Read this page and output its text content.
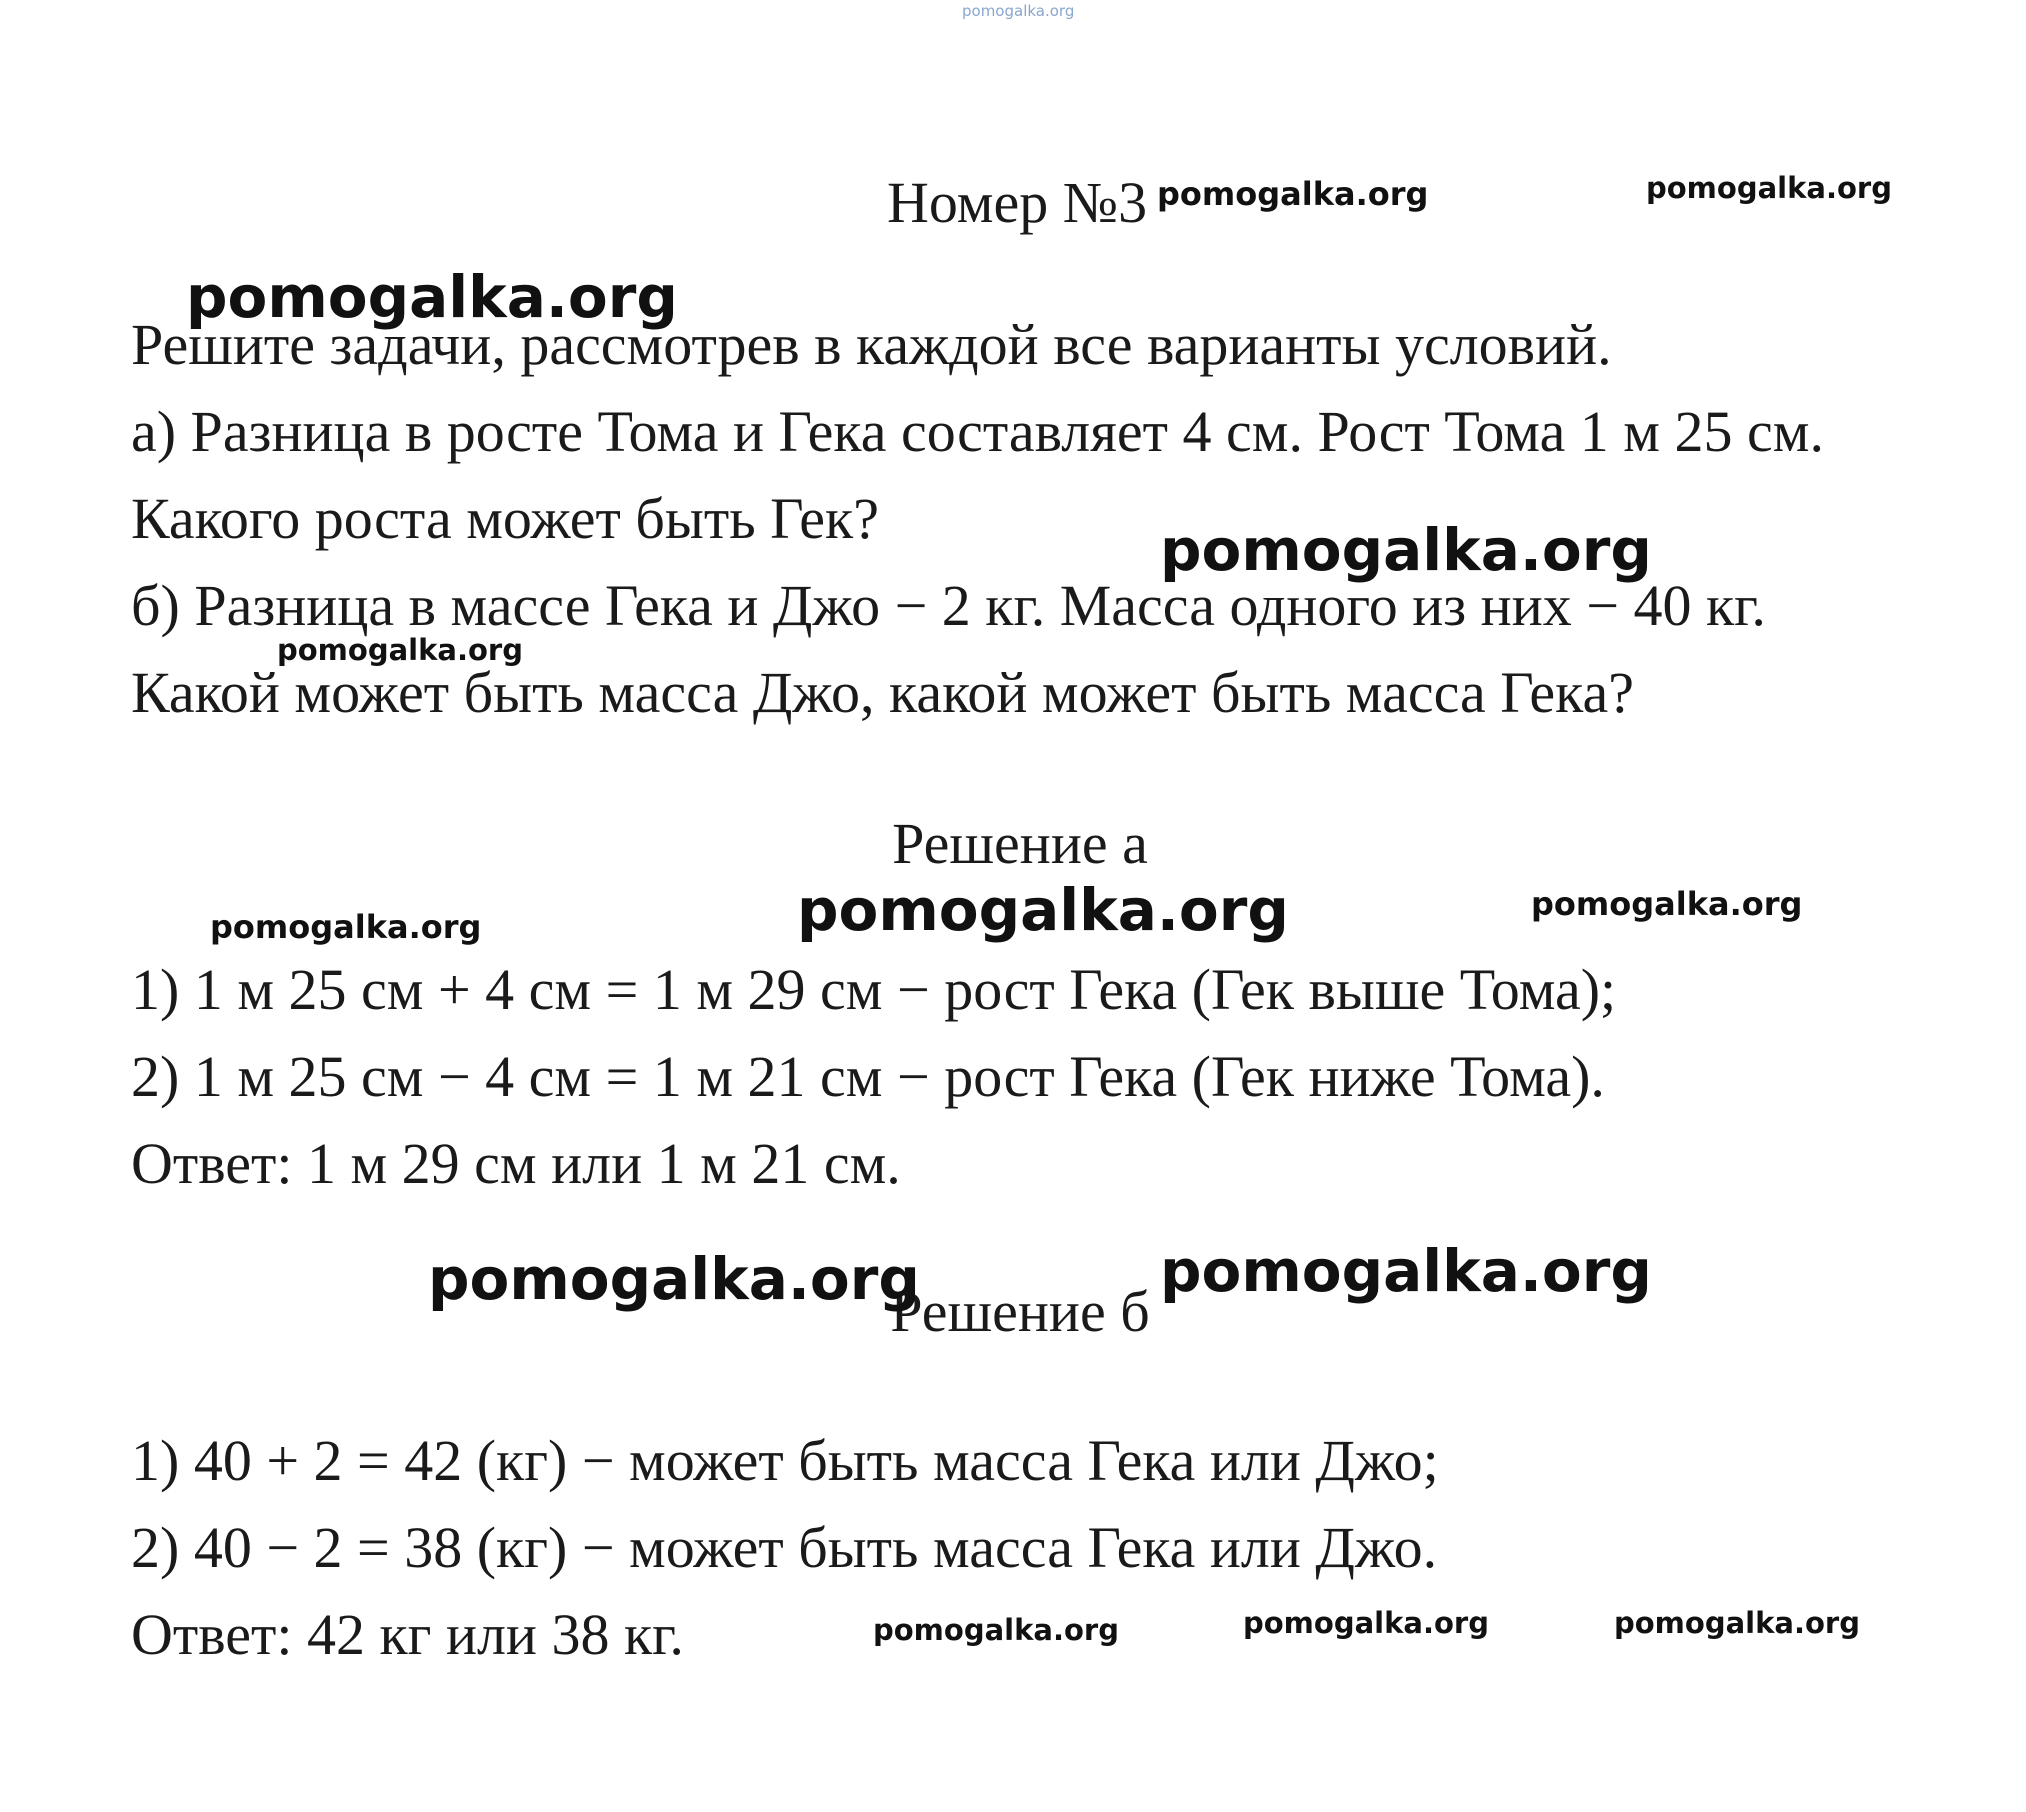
pomogalka.org
Номер №3
Решите задачи, рассмотрев в каждой все варианты условий.
а) Разница в росте Тома и Гека составляет 4 см. Рост Тома 1 м 25 см.
Какого роста может быть Гек?
б) Разница в массе Гека и Джо − 2 кг. Масса одного из них − 40 кг.
Какой может быть масса Джо, какой может быть масса Гека?
Решение а
1) 1 м 25 см + 4 см = 1 м 29 см − рост Гека (Гек выше Тома);
2) 1 м 25 см − 4 см = 1 м 21 см − рост Гека (Гек ниже Тома).
Ответ: 1 м 29 см или 1 м 21 см.
Решение б
1) 40 + 2 = 42 (кг) − может быть масса Гека или Джо;
2) 40 − 2 = 38 (кг) − может быть масса Гека или Джо.
Ответ: 42 кг или 38 кг.
pomogalka.org	pomogalka.org
pomogalka.org
pomogalka.org
pomogalka.org
pomogalka.org	pomogalka.org
pomogalka.org
pomogalka.org	pomogalka.org
pomogalka.org	pomogalka.org	pomogalka.org
